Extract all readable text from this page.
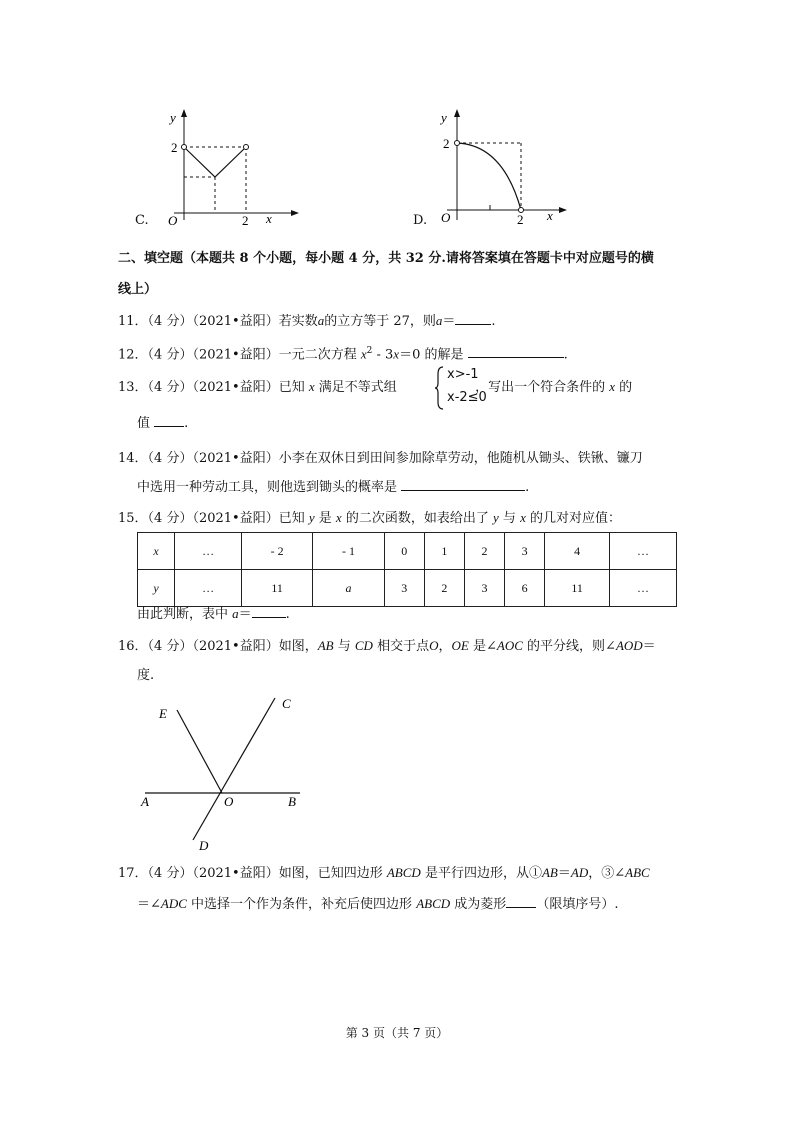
C.
y
2
O	2 x	D.
y
2
O	2 x
二、填空题（本题共 8 个小题，每小题 4 分，共 32 分.请将答案填在答题卡中对应题号的横
线上）
11．（4 分）（2021•益阳）若实数a的立方等于 27，则a＝	.
12．（4 分）（2021•益阳）一元二次方程 $x^2 - 3x=0$ 的解是	.
13．（4 分）（2021•益阳）已知 x 满足不等式组	，写出一个符合条件的 x 的
x>-1
x-2≤0
值	.
14．（4 分）（2021•益阳）小李在双休日到田间参加除草劳动，他随机从锄头、铁锹、镰刀
中选用一种劳动工具，则他选到锄头的概率是	.
15．（4 分）（2021•益阳）已知 y 是 x 的二次函数，如表给出了 y 与 x 的几对对应值：
x	…	- 2	- 1	0	1	2	3	4	…
y	…	11	a	3	2	3	6	11	…
由此判断，表中 a＝	.
16．（4 分）（2021•益阳）如图，AB 与 CD 相交于点O，OE 是∠AOC 的平分线，则∠AOD＝
度.
E
C
A	O	B
D
17．（4 分）（2021•益阳）如图，已知四边形 ABCD 是平行四边形，从①AB＝AD，③∠ABC
＝∠ADC 中选择一个作为条件，补充后使四边形 ABCD 成为菱形 （限填序号）.
第 3 页（共 7 页）
